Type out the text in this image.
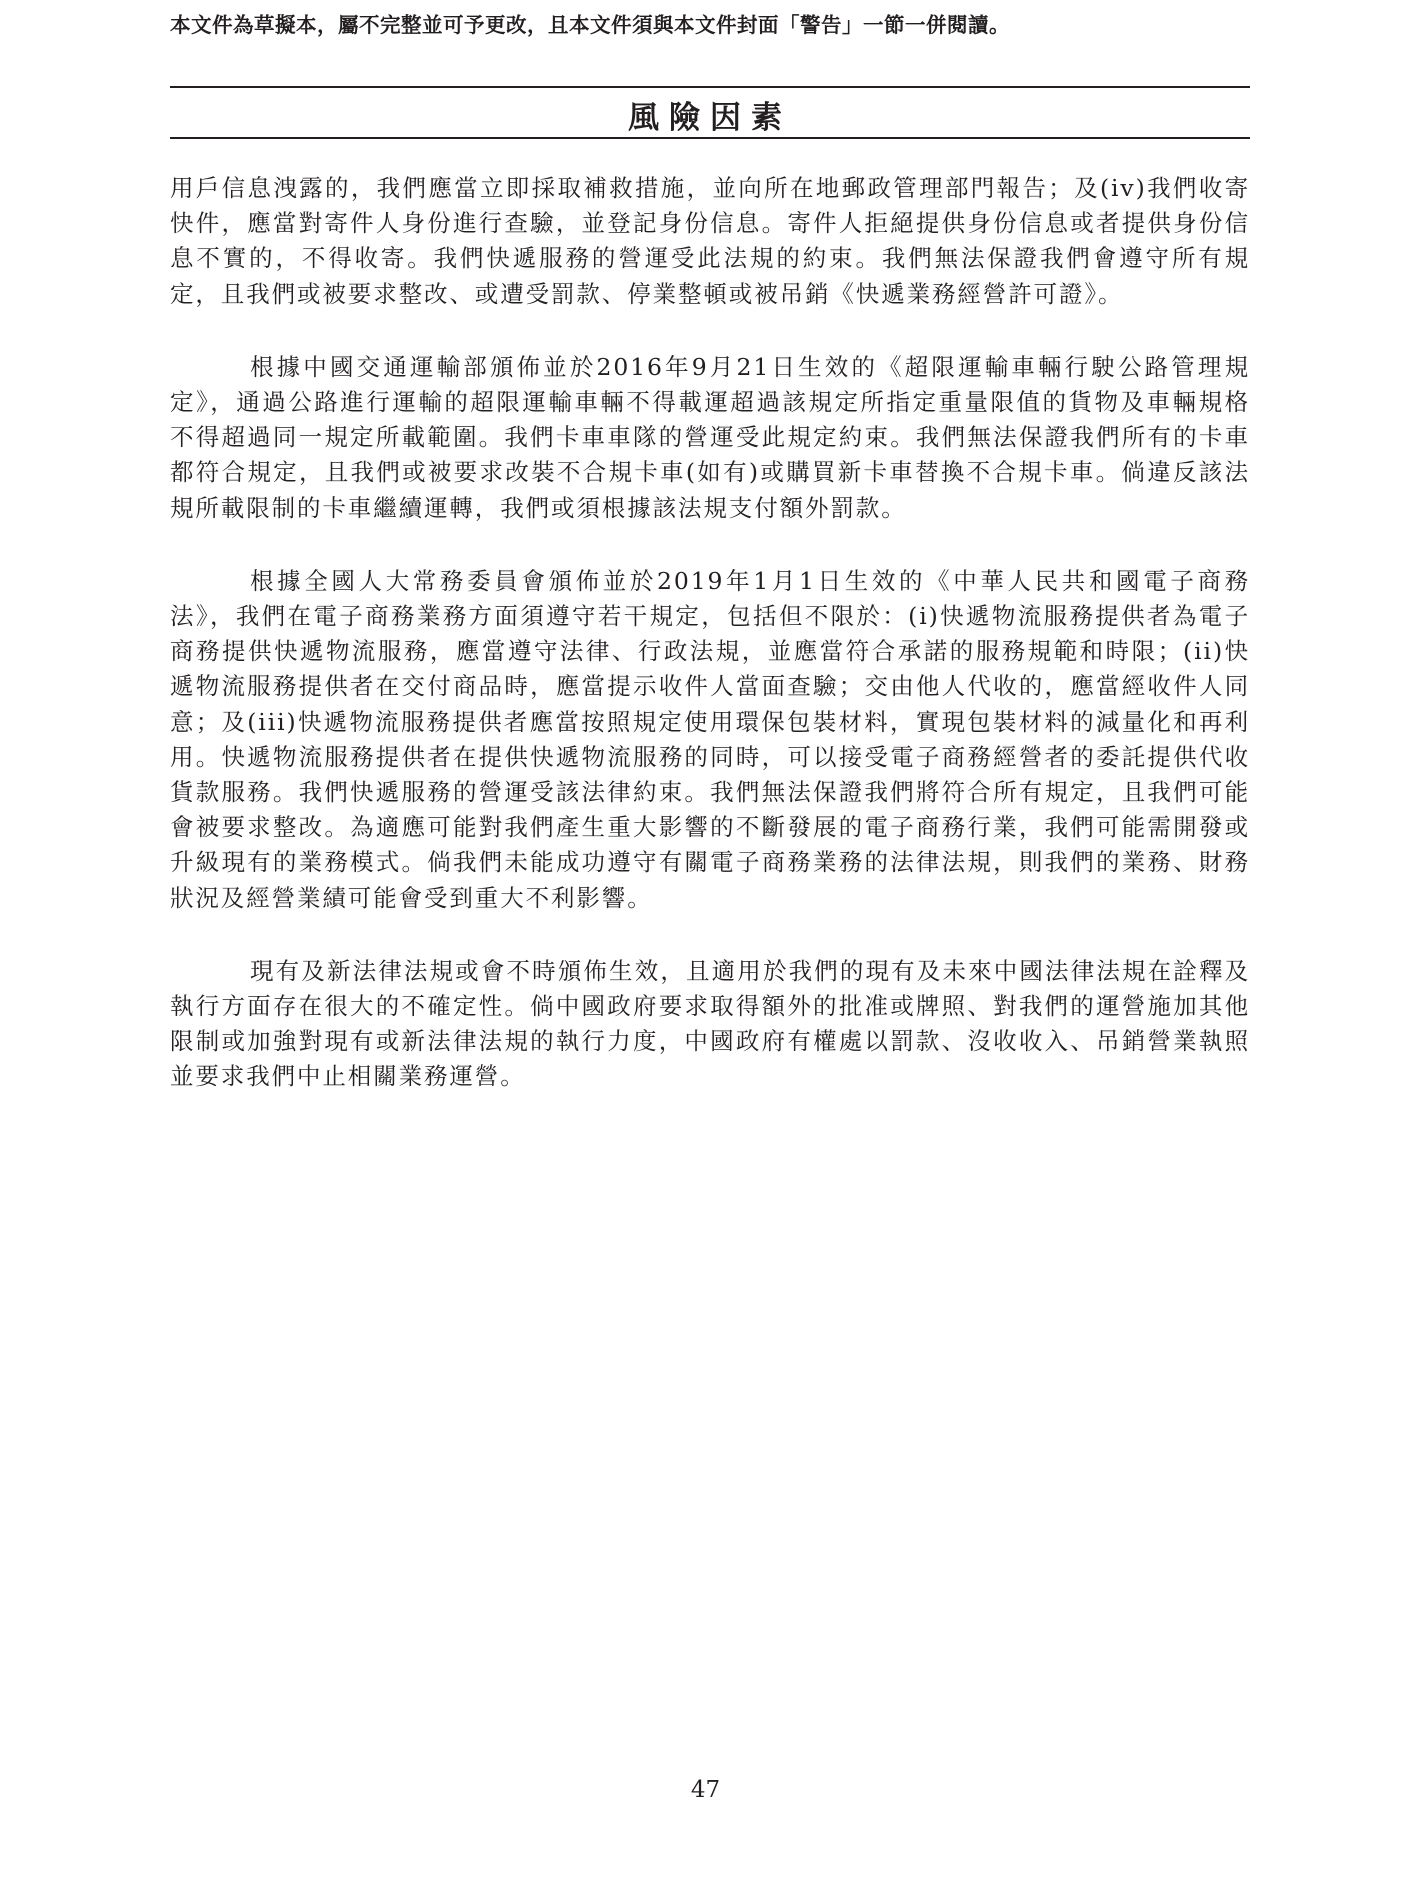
本文件為草擬本，屬不完整並可予更改，且本文件須與本文件封面「警告」一節一併閱讀。
風險因素

用戶信息洩露的，我們應當立即採取補救措施，並向所在地郵政管理部門報告；及(iv)我們收寄快件，應當對寄件人身份進行查驗，並登記身份信息。寄件人拒絕提供身份信息或者提供身份信息不實的，不得收寄。我們快遞服務的營運受此法規的約束。我們無法保證我們會遵守所有規定，且我們或被要求整改、或遭受罰款、停業整頓或被吊銷《快遞業務經營許可證》。

根據中國交通運輸部頒佈並於2016年9月21日生效的《超限運輸車輛行駛公路管理規定》，通過公路進行運輸的超限運輸車輛不得載運超過該規定所指定重量限值的貨物及車輛規格不得超過同一規定所載範圍。我們卡車車隊的營運受此規定約束。我們無法保證我們所有的卡車都符合規定，且我們或被要求改裝不合規卡車(如有)或購買新卡車替換不合規卡車。倘違反該法規所載限制的卡車繼續運轉，我們或須根據該法規支付額外罰款。

根據全國人大常務委員會頒佈並於2019年1月1日生效的《中華人民共和國電子商務法》，我們在電子商務業務方面須遵守若干規定，包括但不限於：(i)快遞物流服務提供者為電子商務提供快遞物流服務，應當遵守法律、行政法規，並應當符合承諾的服務規範和時限；(ii)快遞物流服務提供者在交付商品時，應當提示收件人當面查驗；交由他人代收的，應當經收件人同意；及(iii)快遞物流服務提供者應當按照規定使用環保包裝材料，實現包裝材料的減量化和再利用。快遞物流服務提供者在提供快遞物流服務的同時，可以接受電子商務經營者的委託提供代收貨款服務。我們快遞服務的營運受該法律約束。我們無法保證我們將符合所有規定，且我們可能會被要求整改。為適應可能對我們產生重大影響的不斷發展的電子商務行業，我們可能需開發或升級現有的業務模式。倘我們未能成功遵守有關電子商務業務的法律法規，則我們的業務、財務狀況及經營業績可能會受到重大不利影響。

現有及新法律法規或會不時頒佈生效，且適用於我們的現有及未來中國法律法規在詮釋及執行方面存在很大的不確定性。倘中國政府要求取得額外的批准或牌照、對我們的運營施加其他限制或加強對現有或新法律法規的執行力度，中國政府有權處以罰款、沒收收入、吊銷營業執照並要求我們中止相關業務運營。

47
